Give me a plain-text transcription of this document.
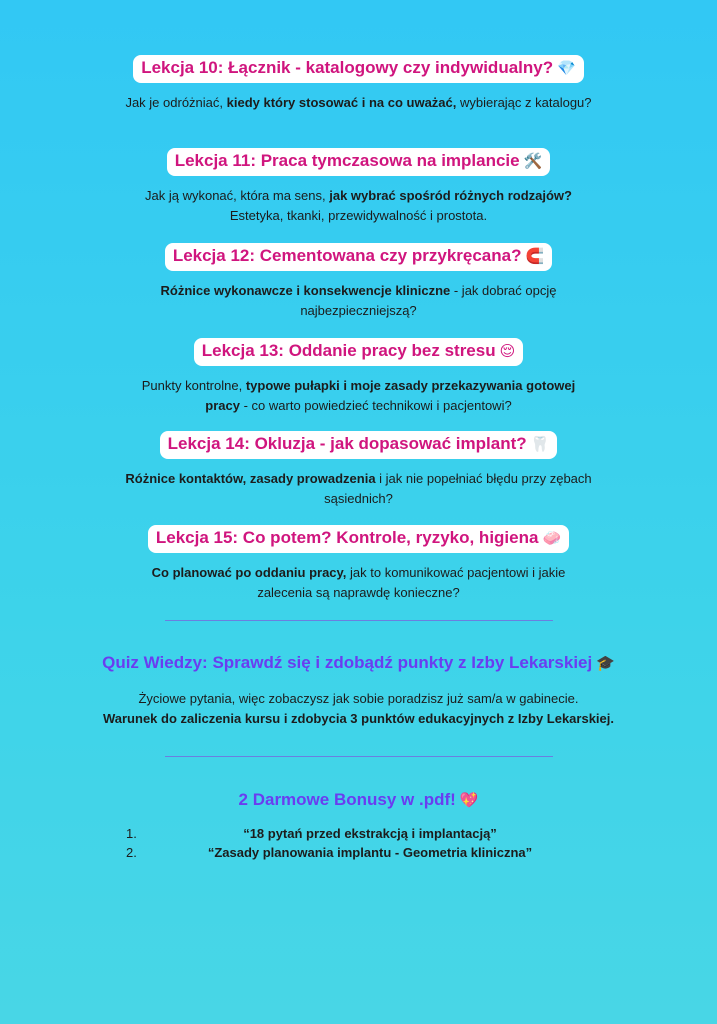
Lekcja 10: Łącznik - katalogowy czy indywidualny? 💎
Jak je odróżniać, kiedy który stosować i na co uważać, wybierając z katalogu?
Lekcja 11: Praca tymczasowa na implancie 🛠️
Jak ją wykonać, która ma sens, jak wybrać spośród różnych rodzajów? Estetyka, tkanki, przewidywalność i prostota.
Lekcja 12: Cementowana czy przykręcana? 🧲
Różnice wykonawcze i konsekwencje kliniczne - jak dobrać opcję najbezpieczniejszą?
Lekcja 13: Oddanie pracy bez stresu 😌
Punkty kontrolne, typowe pułapki i moje zasady przekazywania gotowej pracy - co warto powiedzieć technikowi i pacjentowi?
Lekcja 14: Okluzja - jak dopasować implant? 🦷
Różnice kontaktów, zasady prowadzenia i jak nie popełniać błędu przy zębach sąsiednich?
Lekcja 15: Co potem? Kontrole, ryzyko, higiena 🧼
Co planować po oddaniu pracy, jak to komunikować pacjentowi i jakie zalecenia są naprawdę konieczne?
Quiz Wiedzy: Sprawdź się i zdobądź punkty z Izby Lekarskiej 🎓
Życiowe pytania, więc zobaczysz jak sobie poradzisz już sam/a w gabinecie.
Warunek do zaliczenia kursu i zdobycia 3 punktów edukacyjnych z Izby Lekarskiej.
2 Darmowe Bonusy w .pdf! 💖
1.	“18 pytań przed ekstrakcją i implantacją”
2.	“Zasady planowania implantu - Geometria kliniczna”
